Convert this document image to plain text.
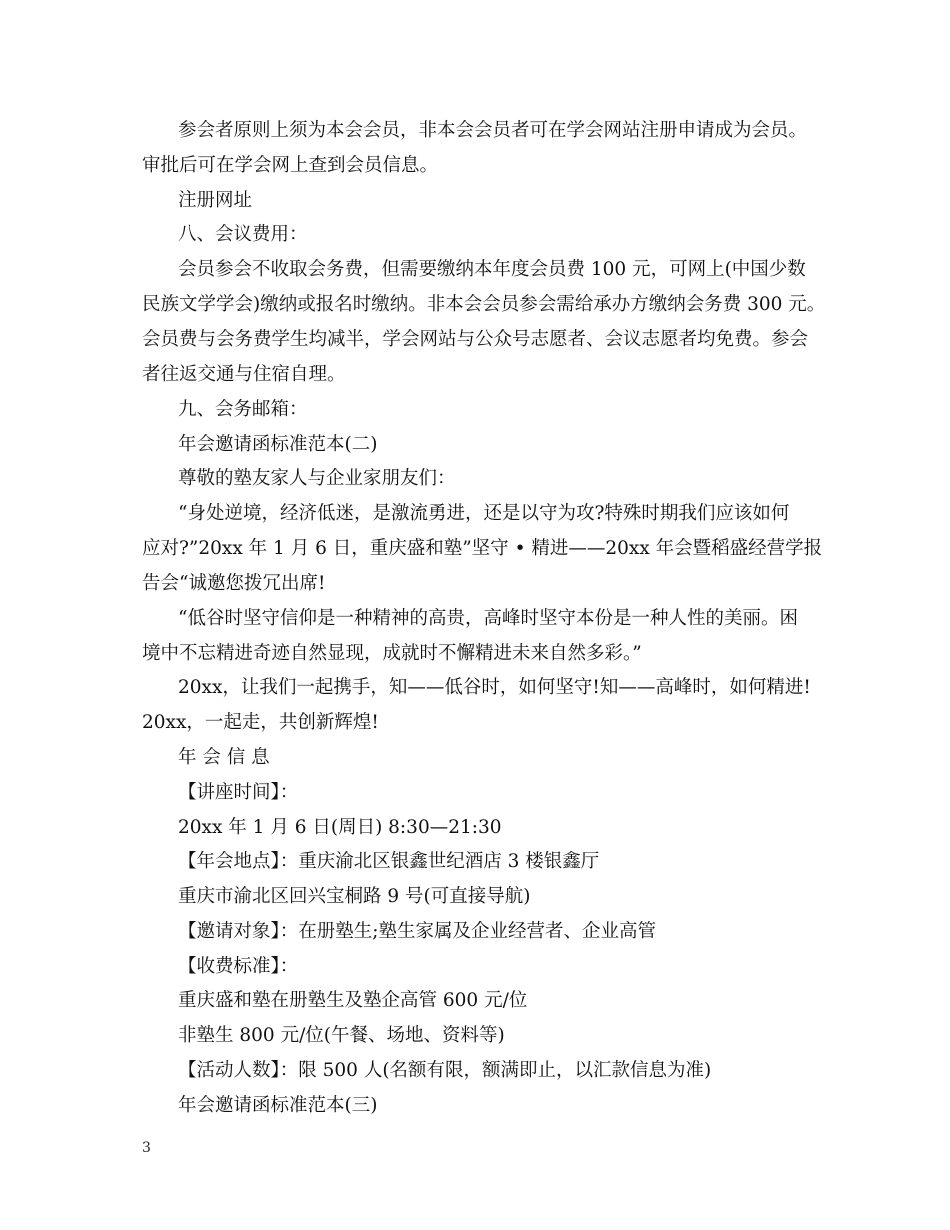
参会者原则上须为本会会员，非本会会员者可在学会网站注册申请成为会员。
审批后可在学会网上查到会员信息。
注册网址
八、会议费用：
会员参会不收取会务费，但需要缴纳本年度会员费 100 元，可网上(中国少数
民族文学学会)缴纳或报名时缴纳。非本会会员参会需给承办方缴纳会务费 300 元。
会员费与会务费学生均减半，学会网站与公众号志愿者、会议志愿者均免费。参会
者往返交通与住宿自理。
九、会务邮箱：
年会邀请函标准范本(二)
尊敬的塾友家人与企业家朋友们：
“身处逆境，经济低迷，是激流勇进，还是以守为攻?特殊时期我们应该如何
应对?”20xx 年 1 月 6 日，重庆盛和塾”坚守 • 精进——20xx 年会暨稻盛经营学报
告会“诚邀您拨冗出席!
“低谷时坚守信仰是一种精神的高贵，高峰时坚守本份是一种人性的美丽。困
境中不忘精进奇迹自然显现，成就时不懈精进未来自然多彩。”
20xx，让我们一起携手，知——低谷时，如何坚守!知——高峰时，如何精进!
20xx，一起走，共创新辉煌!
年 会 信 息
【讲座时间】：
20xx 年 1 月 6 日(周日) 8:30—21:30
【年会地点】：重庆渝北区银鑫世纪酒店 3 楼银鑫厅
重庆市渝北区回兴宝桐路 9 号(可直接导航)
【邀请对象】：在册塾生;塾生家属及企业经营者、企业高管
【收费标准】：
重庆盛和塾在册塾生及塾企高管 600 元/位
非塾生 800 元/位(午餐、场地、资料等)
【活动人数】：限 500 人(名额有限，额满即止，以汇款信息为准)
年会邀请函标准范本(三)
3
